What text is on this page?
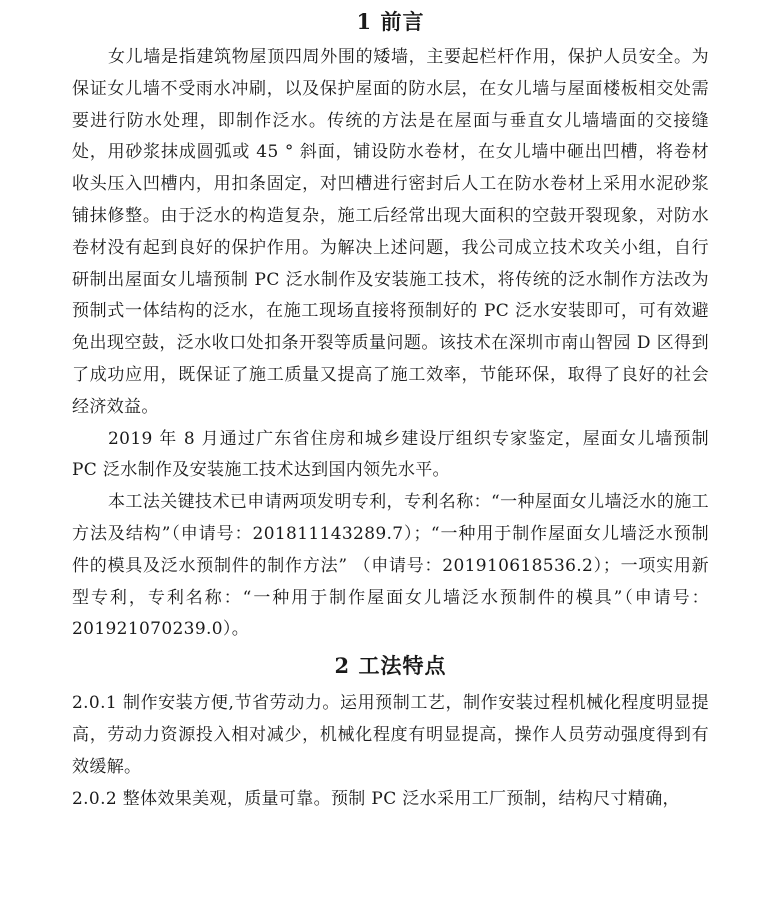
1 前言

女儿墙是指建筑物屋顶四周外围的矮墙，主要起栏杆作用，保护人员安全。为保证女儿墙不受雨水冲刷，以及保护屋面的防水层，在女儿墙与屋面楼板相交处需要进行防水处理，即制作泛水。传统的方法是在屋面与垂直女儿墙墙面的交接缝处，用砂浆抹成圆弧或 45 ° 斜面，铺设防水卷材，在女儿墙中砸出凹槽，将卷材收头压入凹槽内，用扣条固定，对凹槽进行密封后人工在防水卷材上采用水泥砂浆铺抹修整。由于泛水的构造复杂，施工后经常出现大面积的空鼓开裂现象，对防水卷材没有起到良好的保护作用。为解决上述问题，我公司成立技术攻关小组，自行研制出屋面女儿墙预制 PC 泛水制作及安装施工技术，将传统的泛水制作方法改为预制式一体结构的泛水，在施工现场直接将预制好的 PC 泛水安装即可，可有效避免出现空鼓，泛水收口处扣条开裂等质量问题。该技术在深圳市南山智园 D 区得到了成功应用，既保证了施工质量又提高了施工效率，节能环保，取得了良好的社会经济效益。

2019 年 8 月通过广东省住房和城乡建设厅组织专家鉴定，屋面女儿墙预制 PC 泛水制作及安装施工技术达到国内领先水平。

本工法关键技术已申请两项发明专利，专利名称：“一种屋面女儿墙泛水的施工方法及结构”（申请号：201811143289.7）；“一种用于制作屋面女儿墙泛水预制件的模具及泛水预制件的制作方法” （申请号：201910618536.2）；一项实用新型专利，专利名称：“一种用于制作屋面女儿墙泛水预制件的模具”（申请号：201921070239.0）。

2 工法特点

2.0.1 制作安装方便,节省劳动力。运用预制工艺，制作安装过程机械化程度明显提高，劳动力资源投入相对减少，机械化程度有明显提高，操作人员劳动强度得到有效缓解。

2.0.2 整体效果美观，质量可靠。预制 PC 泛水采用工厂预制，结构尺寸精确，
